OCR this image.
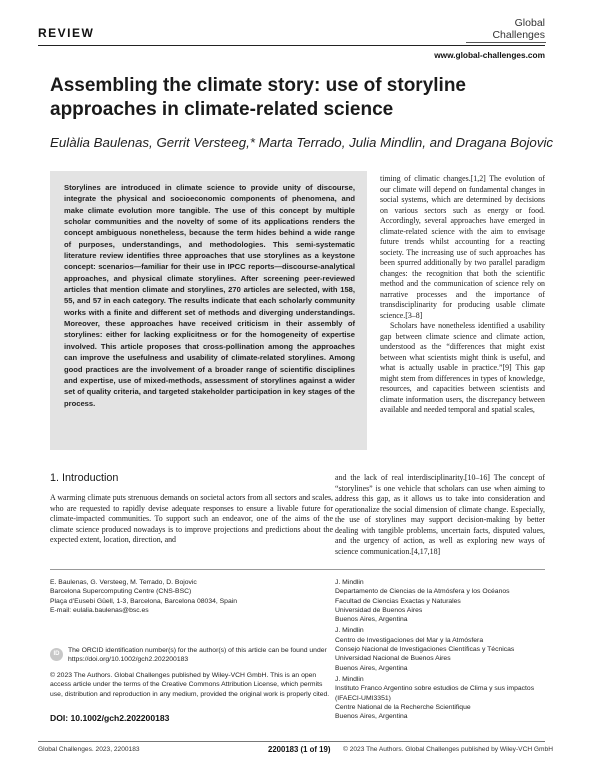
REVIEW
Global
Challenges
www.global-challenges.com
Assembling the climate story: use of storyline approaches in climate-related science
Eulàlia Baulenas, Gerrit Versteeg,* Marta Terrado, Julia Mindlin, and Dragana Bojovic

Storylines are introduced in climate science to provide unity of discourse, integrate the physical and socioeconomic components of phenomena, and make climate evolution more tangible. The use of this concept by multiple scholar communities and the novelty of some of its applications renders the concept ambiguous nonetheless, because the term hides behind a wide range of purposes, understandings, and methodologies. This semi-systematic literature review identifies three approaches that use storylines as a keystone concept: scenarios—familiar for their use in IPCC reports—discourse-analytical approaches, and physical climate storylines. After screening peer-reviewed articles that mention climate and storylines, 270 articles are selected, with 158, 55, and 57 in each category. The results indicate that each scholarly community works with a finite and different set of methods and diverging understandings. Moreover, these approaches have received criticism in their assembly of storylines: either for lacking explicitness or for the homogeneity of expertise involved. This article proposes that cross-pollination among the approaches can improve the usefulness and usability of climate-related storylines. Among good practices are the involvement of a broader range of scientific disciplines and expertise, use of mixed-methods, assessment of storylines against a wider set of quality criteria, and targeted stakeholder participation in key stages of the process.

timing of climatic changes.[1,2] The evolution of our climate will depend on fundamental changes in social systems, which are determined by decisions on various sectors such as energy or food. Accordingly, several approaches have emerged in climate-related science with the aim to envisage future trends whilst accounting for a reacting society. The increasing use of such approaches has been spurred additionally by two parallel paradigm changes: the recognition that both the scientific method and the communication of science rely on narrative processes and the importance of transdisciplinarity for producing usable climate science.[3–8]

Scholars have nonetheless identified a usability gap between climate science and climate action, understood as the “differences that might exist between what scientists might think is useful, and what is actually usable in practice.”[9] This gap might stem from differences in types of knowledge, resources, and capacities between scientists and climate information users, the discrepancy between available and needed temporal and spatial scales,

and the lack of real interdisciplinarity.[10–16] The concept of “storylines” is one vehicle that scholars can use when aiming to address this gap, as it allows us to take into consideration and operationalize the social dimension of climate change. Especially, the use of storylines may support decision-making by better dealing with tangible problems, uncertain facts, disputed values, and the urgency of action, as well as exploring new ways of science communication.[4,17,18]

1. Introduction

A warming climate puts strenuous demands on societal actors from all sectors and scales, who are requested to rapidly devise adequate responses to ensure a livable future for climate-impacted communities. To support such an endeavor, one of the aims of the climate science produced nowadays is to improve projections and predictions about the expected extent, location, direction, and

E. Baulenas, G. Versteeg, M. Terrado, D. Bojovic
Barcelona Supercomputing Centre (CNS-BSC)
Plaça d’Eusebi Güell, 1-3, Barcelona, Barcelona 08034, Spain
E-mail: eulalia.baulenas@bsc.es
J. Mindlin
Departamento de Ciencias de la Atmósfera y los Océanos
Facultad de Ciencias Exactas y Naturales
Universidad de Buenos Aires
Buenos Aires, Argentina
J. Mindlin
Centro de Investigaciones del Mar y la Atmósfera
Consejo Nacional de Investigaciones Científicas y Técnicas
Universidad Nacional de Buenos Aires
Buenos Aires, Argentina
J. Mindlin
Instituto Franco Argentino sobre estudios de Clima y sus impactos
(IFAECI-UMI3351)
Centre National de la Recherche Scientifique
Buenos Aires, Argentina
ID	The ORCID identification number(s) for the author(s) of this article can be found under https://doi.org/10.1002/gch2.202200183
© 2023 The Authors. Global Challenges published by Wiley-VCH GmbH. This is an open access article under the terms of the Creative Commons Attribution License, which permits use, distribution and reproduction in any medium, provided the original work is properly cited.
DOI: 10.1002/gch2.202200183
Global Challenges. 2023, 2200183	2200183 (1 of 19) © 2023 The Authors. Global Challenges published by Wiley-VCH GmbH
